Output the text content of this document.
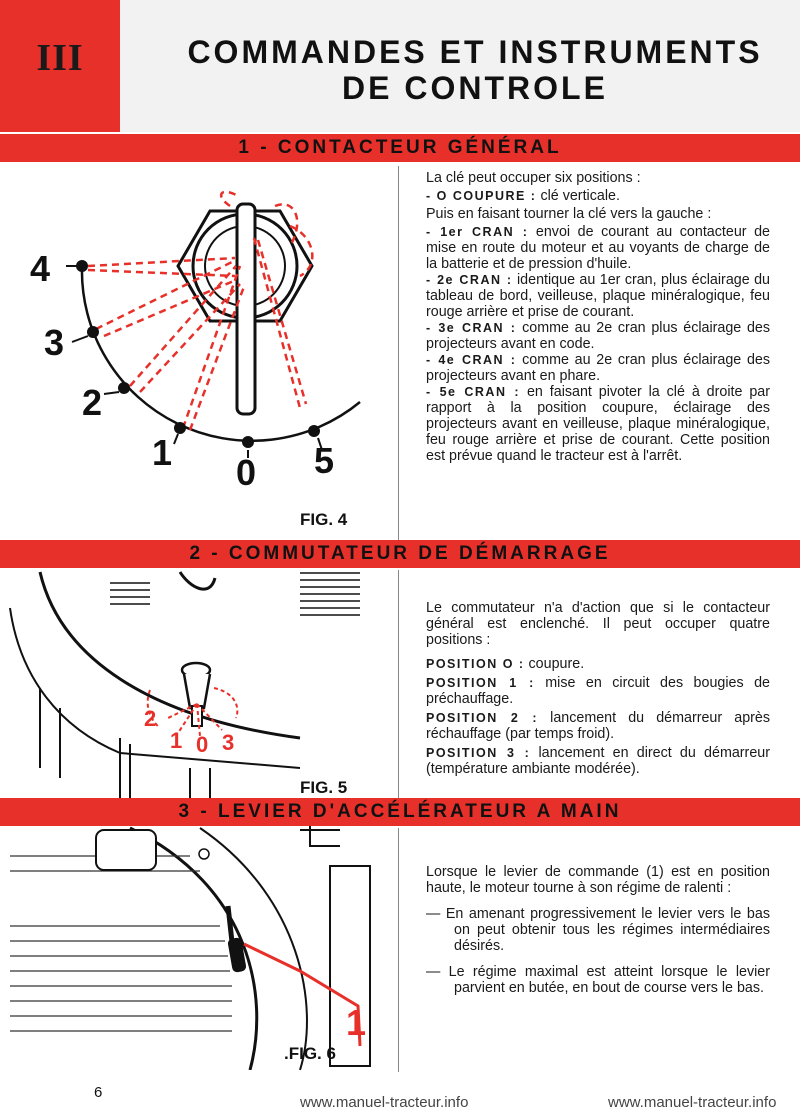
III	COMMANDES ET INSTRUMENTS
DE CONTROLE
1 - CONTACTEUR GÉNÉRAL
4
3
2
1 0 5
FIG. 4

La clé peut occuper six positions :

- O COUPURE : clé verticale.

Puis en faisant tourner la clé vers la gauche :

- 1er CRAN : envoi de courant au contacteur de mise en route du moteur et au voyants de charge de la batterie et de pression d'huile.

- 2e CRAN : identique au 1er cran, plus éclairage du tableau de bord, veilleuse, plaque minéralogique, feu rouge arrière et prise de courant.

- 3e CRAN : comme au 2e cran plus éclairage des projecteurs avant en code.

- 4e CRAN : comme au 2e cran plus éclairage des projecteurs avant en phare.

- 5e CRAN : en faisant pivoter la clé à droite par rapport à la position coupure, éclairage des projecteurs avant en veilleuse, plaque minéralogique, feu rouge arrière et prise de courant. Cette position est prévue quand le tracteur est à l'arrêt.

2 - COMMUTATEUR DE DÉMARRAGE
2
1 0 3
FIG. 5

Le commutateur n'a d'action que si le contacteur général est enclenché. Il peut occuper quatre positions :

POSITION O : coupure.

POSITION 1 : mise en circuit des bougies de préchauffage.

POSITION 2 : lancement du démarreur après réchauffage (par temps froid).

POSITION 3 : lancement en direct du démarreur (température ambiante modérée).

3 - LEVIER D'ACCÉLÉRATEUR A MAIN
1
.FIG. 6

Lorsque le levier de commande (1) est en position haute, le moteur tourne à son régime de ralenti :

— En amenant progressivement le levier vers le bas on peut obtenir tous les régimes intermédiaires désirés.

— Le régime maximal est atteint lorsque le levier parvient en butée, en bout de course vers le bas.

6
www.manuel-tracteur.info	www.manuel-tracteur.info
